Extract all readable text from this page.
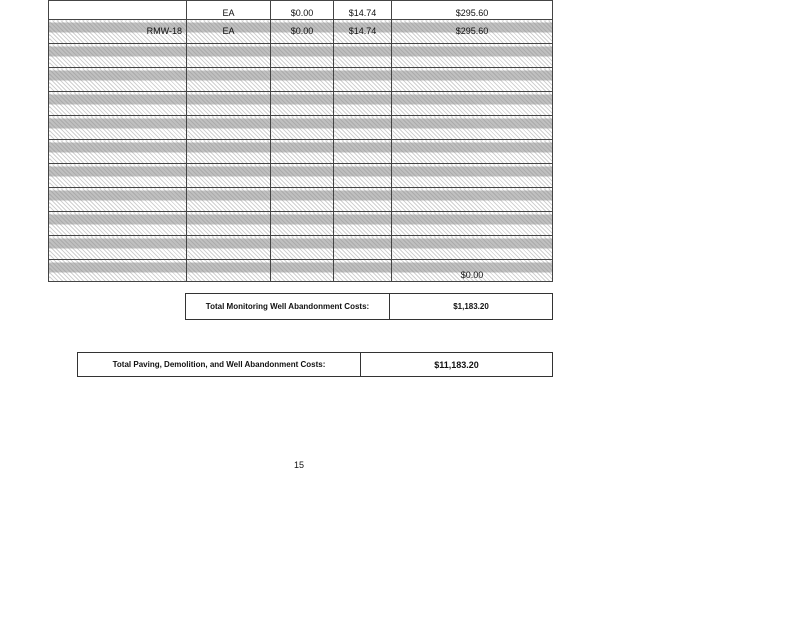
	EA	$0.00	$14.74	$295.60
RMW-18	EA	$0.00	$14.74	$295.60

				$0.00
Total Monitoring Well Abandonment Costs:	$1,183.20
Total Paving, Demolition, and Well Abandonment Costs:	$11,183.20
15
